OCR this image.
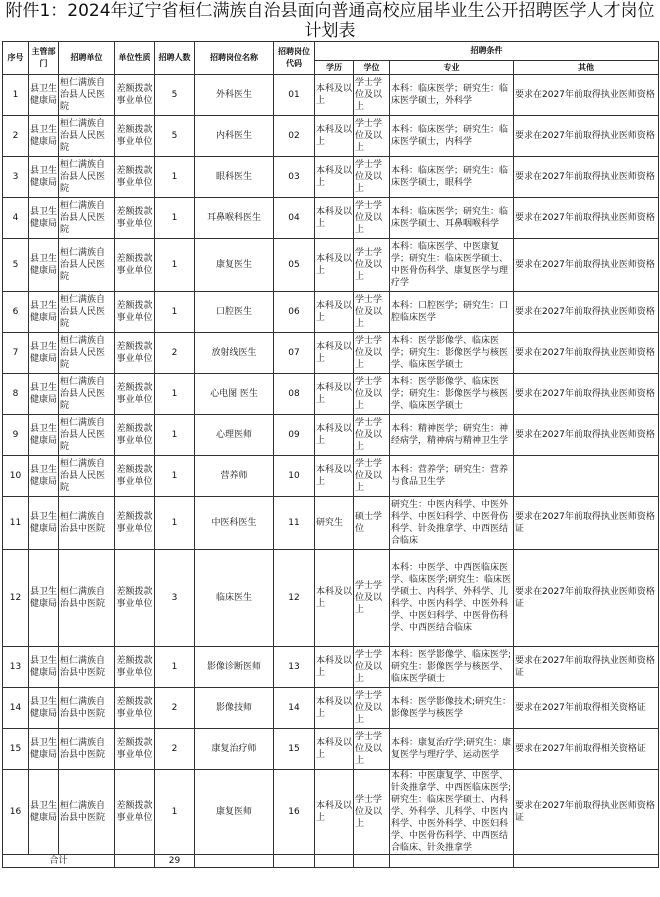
附件1：2024年辽宁省桓仁满族自治县面向普通高校应届毕业生公开招聘医学人才岗位计划表
序号	主管部门	招聘单位	单位性质	招聘人数	招聘岗位名称	招聘岗位代码	招聘条件			
							学历	学位	专业	其他
1	县卫生健康局	桓仁满族自治县人民医院	差额拨款事业单位	5	外科医生	01	本科及以上	学士学位及以上	本科：临床医学；研究生：临床医学硕士，外科学	要求在2027年前取得执业医师资格
2	县卫生健康局	桓仁满族自治县人民医院	差额拨款事业单位	5	内科医生	02	本科及以上	学士学位及以上	本科：临床医学；研究生：临床医学硕士，内科学	要求在2027年前取得执业医师资格
3	县卫生健康局	桓仁满族自治县人民医院	差额拨款事业单位	1	眼科医生	03	本科及以上	学士学位及以上	本科：临床医学；研究生：临床医学硕士，眼科学	要求在2027年前取得执业医师资格
4	县卫生健康局	桓仁满族自治县人民医院	差额拨款事业单位	1	耳鼻喉科医生	04	本科及以上	学士学位及以上	本科：临床医学；研究生：临床医学硕士、耳鼻咽喉科学	要求在2027年前取得执业医师资格
5	县卫生健康局	桓仁满族自治县人民医院	差额拨款事业单位	1	康复医生	05	本科及以上	学士学位及以上	本科：临床医学、中医康复学；研究生：临床医学硕士、中医骨伤科学、康复医学与理疗学	要求在2027年前取得执业医师资格
6	县卫生健康局	桓仁满族自治县人民医院	差额拨款事业单位	1	口腔医生	06	本科及以上	学士学位及以上	本科：口腔医学；研究生：口腔临床医学	要求在2027年前取得执业医师资格
7	县卫生健康局	桓仁满族自治县人民医院	差额拨款事业单位	2	放射线医生	07	本科及以上	学士学位及以上	本科：医学影像学、临床医学；研究生：影像医学与核医学、临床医学硕士	要求在2027年前取得执业医师资格
8	县卫生健康局	桓仁满族自治县人民医院	差额拨款事业单位	1	心电图 医生	08	本科及以上	学士学位及以上	本科：医学影像学、临床医学；研究生：影像医学与核医学、临床医学硕士	要求在2027年前取得执业医师资格
9	县卫生健康局	桓仁满族自治县人民医院	差额拨款事业单位	1	心理医师	09	本科及以上	学士学位及以上	本科：精神医学；研究生：神经病学，精神病与精神卫生学	要求在2027年前取得执业医师资格
10	县卫生健康局	桓仁满族自治县人民医院	差额拨款事业单位	1	营养师	10	本科及以上	学士学位及以上	本科：营养学；研究生：营养与食品卫生学	
11	县卫生健康局	桓仁满族自治县中医院	差额拨款事业单位	1	中医科医生	11	研究生	硕士学位	研究生：中医内科学、中医外科学、中医妇科学、中医骨伤科学、针灸推拿学、中西医结合临床	要求在2027年前取得执业医师资格证
12	县卫生健康局	桓仁满族自治县中医院	差额拨款事业单位	3	临床医生	12	本科及以上	学士学位及以上	本科：中医学、中西医临床医学、临床医学;研究生：临床医学硕士、内科学、外科学、儿科学、中医内科学、中医外科学、中医妇科学、中医骨伤科学、中西医结合临床	要求在2027年前取得执业医师资格证
13	县卫生健康局	桓仁满族自治县中医院	差额拨款事业单位	1	影像诊断医师	13	本科及以上	学士学位及以上	本科：医学影像学、临床医学;研究生：影像医学与核医学、临床医学硕士	要求在2027年前取得执业医师资格证
14	县卫生健康局	桓仁满族自治县中医院	差额拨款事业单位	2	影像技师	14	本科及以上	学士学位及以上	本科：医学影像技术;研究生：影像医学与核医学	要求在2027年前取得相关资格证
15	县卫生健康局	桓仁满族自治县中医院	差额拨款事业单位	2	康复治疗师	15	本科及以上	学士学位及以上	本科：康复治疗学;研究生：康复医学与理疗学、运动医学	要求在2027年前取得相关资格证
16	县卫生健康局	桓仁满族自治县中医院	差额拨款事业单位	1	康复医师	16	本科及以上	学士学位及以上	本科：中医康复学、中医学、针灸推拿学、中西医临床医学;研究生：临床医学硕士、内科学、外科学、儿科学、中医内科学、中医外科学、中医妇科学、中医骨伤科学、中西医结合临床、针灸推拿学	要求在2027年前取得执业医师资格证
合计				29						
